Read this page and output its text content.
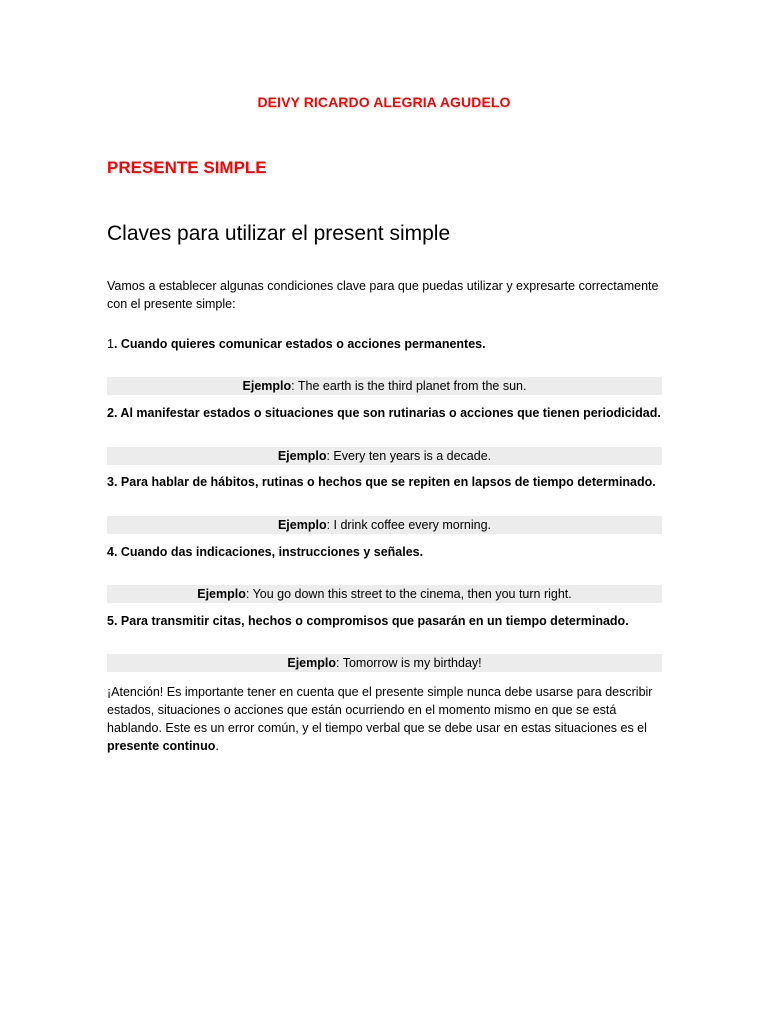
DEIVY RICARDO ALEGRIA AGUDELO
PRESENTE SIMPLE
Claves para utilizar el present simple
Vamos a establecer algunas condiciones clave para que puedas utilizar y expresarte correctamente con el presente simple:
1. Cuando quieres comunicar estados o acciones permanentes.
Ejemplo: The earth is the third planet from the sun.
2. Al manifestar estados o situaciones que son rutinarias o acciones que tienen periodicidad.
Ejemplo: Every ten years is a decade.
3. Para hablar de hábitos, rutinas o hechos que se repiten en lapsos de tiempo determinado.
Ejemplo: I drink coffee every morning.
4. Cuando das indicaciones, instrucciones y señales.
Ejemplo: You go down this street to the cinema, then you turn right.
5. Para transmitir citas, hechos o compromisos que pasarán en un tiempo determinado.
Ejemplo: Tomorrow is my birthday!
¡Atención! Es importante tener en cuenta que el presente simple nunca debe usarse para describir estados, situaciones o acciones que están ocurriendo en el momento mismo en que se está hablando. Este es un error común, y el tiempo verbal que se debe usar en estas situaciones es el presente continuo.
